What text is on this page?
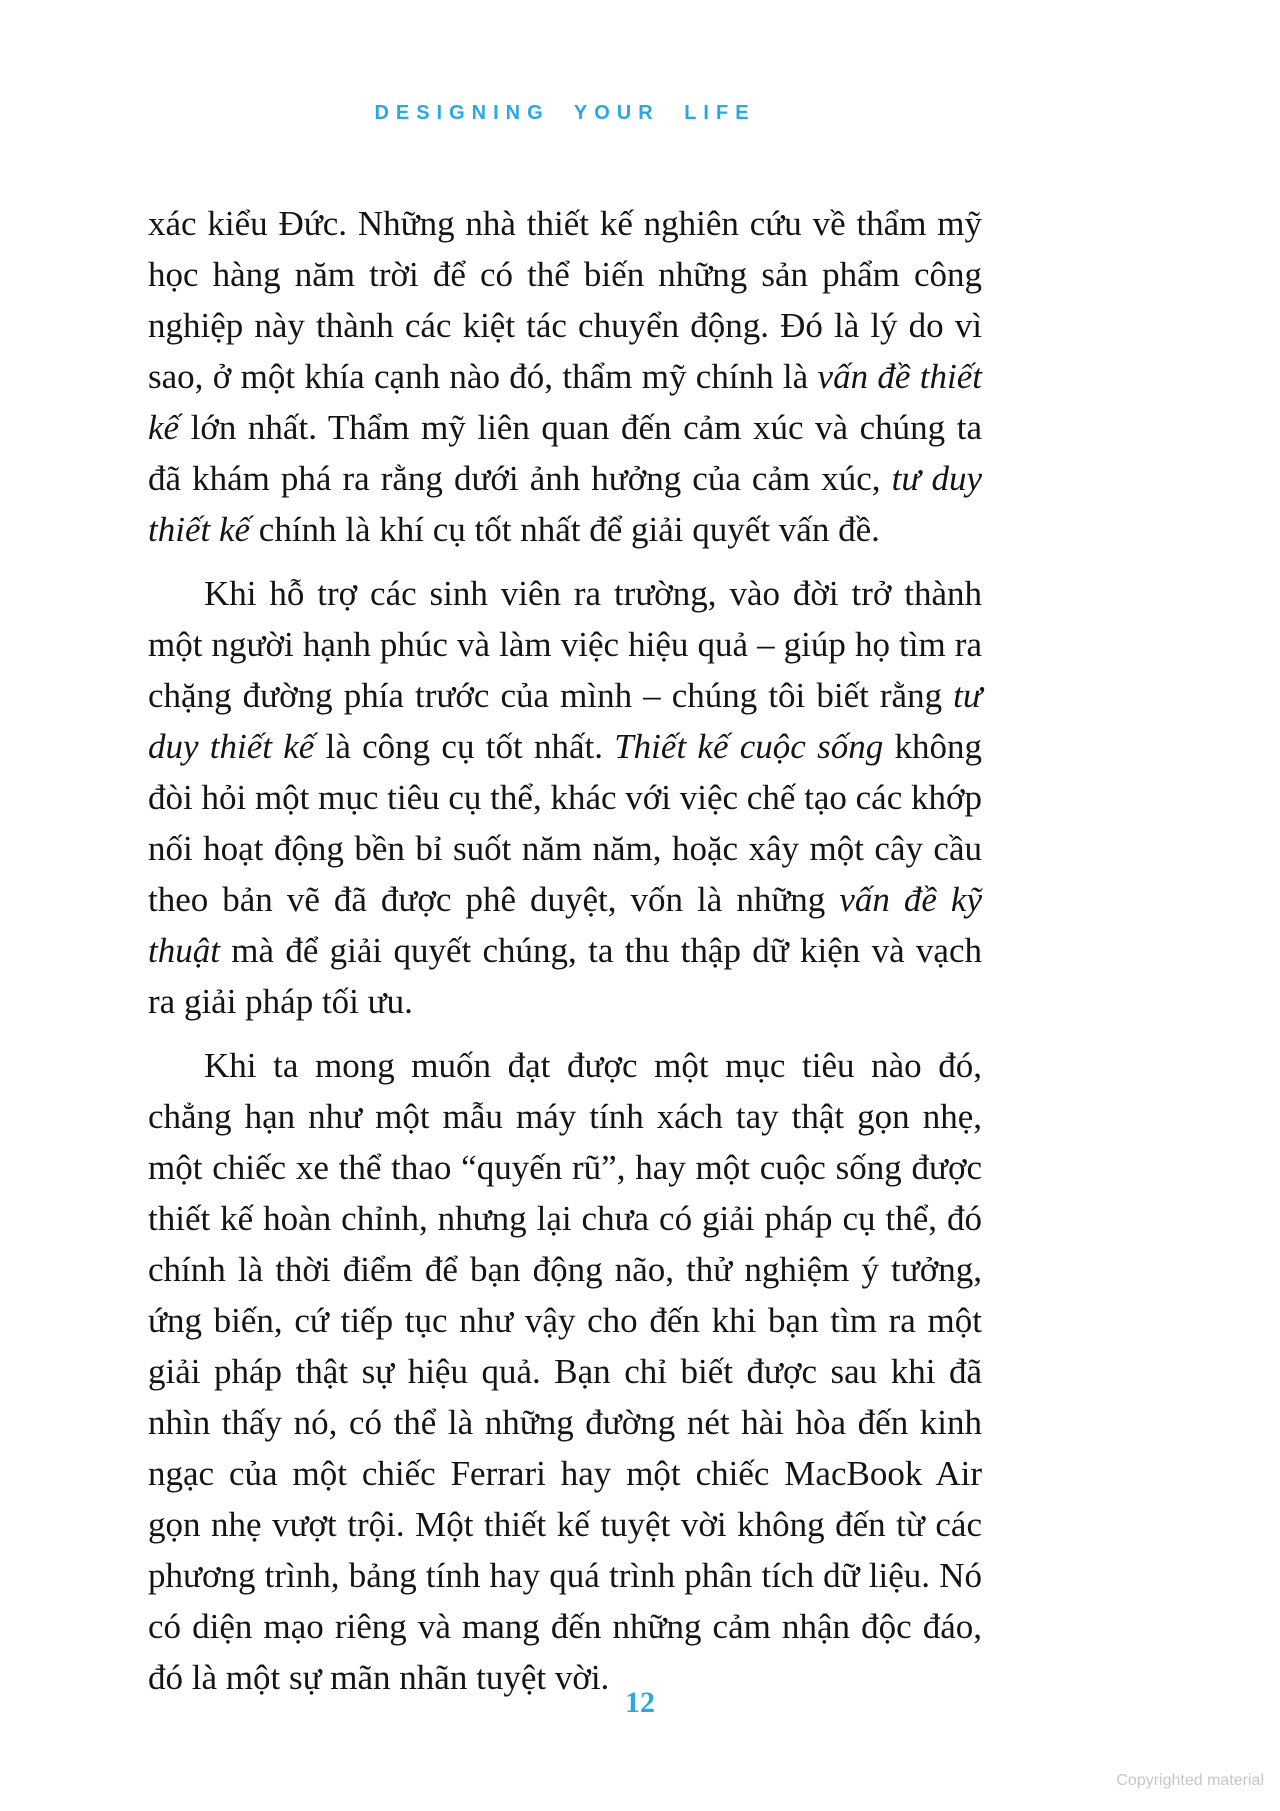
DESIGNING YOUR LIFE

xác kiểu Đức. Những nhà thiết kế nghiên cứu về thẩm mỹ học hàng năm trời để có thể biến những sản phẩm công nghiệp này thành các kiệt tác chuyển động. Đó là lý do vì sao, ở một khía cạnh nào đó, thẩm mỹ chính là vấn đề thiết kế lớn nhất. Thẩm mỹ liên quan đến cảm xúc và chúng ta đã khám phá ra rằng dưới ảnh hưởng của cảm xúc, tư duy thiết kế chính là khí cụ tốt nhất để giải quyết vấn đề.

Khi hỗ trợ các sinh viên ra trường, vào đời trở thành một người hạnh phúc và làm việc hiệu quả – giúp họ tìm ra chặng đường phía trước của mình – chúng tôi biết rằng tư duy thiết kế là công cụ tốt nhất. Thiết kế cuộc sống không đòi hỏi một mục tiêu cụ thể, khác với việc chế tạo các khớp nối hoạt động bền bỉ suốt năm năm, hoặc xây một cây cầu theo bản vẽ đã được phê duyệt, vốn là những vấn đề kỹ thuật mà để giải quyết chúng, ta thu thập dữ kiện và vạch ra giải pháp tối ưu.

Khi ta mong muốn đạt được một mục tiêu nào đó, chẳng hạn như một mẫu máy tính xách tay thật gọn nhẹ, một chiếc xe thể thao “quyến rũ”, hay một cuộc sống được thiết kế hoàn chỉnh, nhưng lại chưa có giải pháp cụ thể, đó chính là thời điểm để bạn động não, thử nghiệm ý tưởng, ứng biến, cứ tiếp tục như vậy cho đến khi bạn tìm ra một giải pháp thật sự hiệu quả. Bạn chỉ biết được sau khi đã nhìn thấy nó, có thể là những đường nét hài hòa đến kinh ngạc của một chiếc Ferrari hay một chiếc MacBook Air gọn nhẹ vượt trội. Một thiết kế tuyệt vời không đến từ các phương trình, bảng tính hay quá trình phân tích dữ liệu. Nó có diện mạo riêng và mang đến những cảm nhận độc đáo, đó là một sự mãn nhãn tuyệt vời.

12
Copyrighted material
